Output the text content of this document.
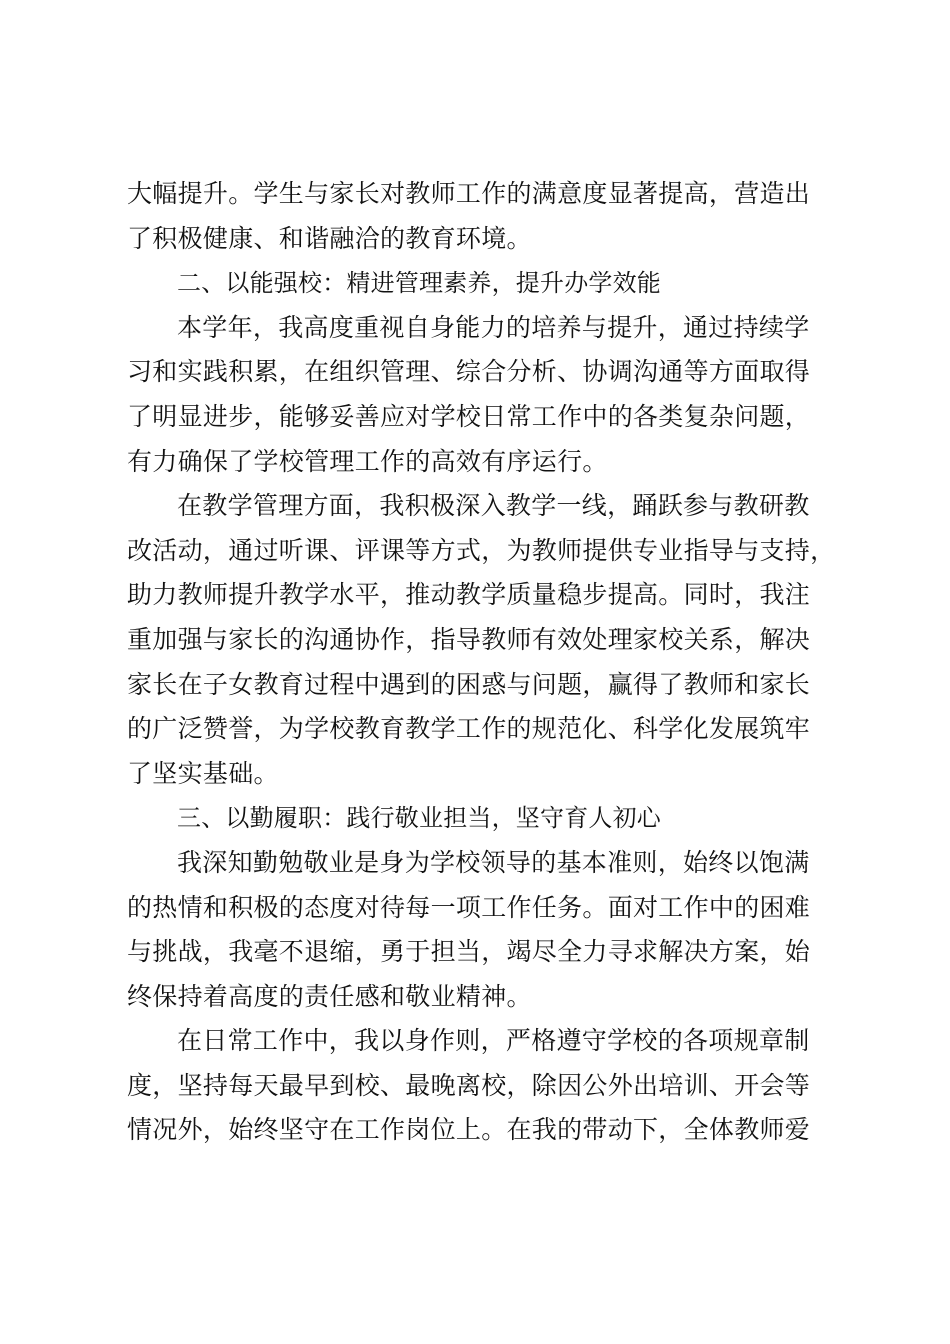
大幅提升。学生与家长对教师工作的满意度显著提高，营造出
了积极健康、和谐融洽的教育环境。
二、以能强校：精进管理素养，提升办学效能
本学年，我高度重视自身能力的培养与提升，通过持续学
习和实践积累，在组织管理、综合分析、协调沟通等方面取得
了明显进步，能够妥善应对学校日常工作中的各类复杂问题，
有力确保了学校管理工作的高效有序运行。
在教学管理方面，我积极深入教学一线，踊跃参与教研教
改活动，通过听课、评课等方式，为教师提供专业指导与支持，
助力教师提升教学水平，推动教学质量稳步提高。同时，我注
重加强与家长的沟通协作，指导教师有效处理家校关系，解决
家长在子女教育过程中遇到的困惑与问题，赢得了教师和家长
的广泛赞誉，为学校教育教学工作的规范化、科学化发展筑牢
了坚实基础。
三、以勤履职：践行敬业担当，坚守育人初心
我深知勤勉敬业是身为学校领导的基本准则，始终以饱满
的热情和积极的态度对待每一项工作任务。面对工作中的困难
与挑战，我毫不退缩，勇于担当，竭尽全力寻求解决方案，始
终保持着高度的责任感和敬业精神。
在日常工作中，我以身作则，严格遵守学校的各项规章制
度，坚持每天最早到校、最晚离校，除因公外出培训、开会等
情况外，始终坚守在工作岗位上。在我的带动下，全体教师爱
